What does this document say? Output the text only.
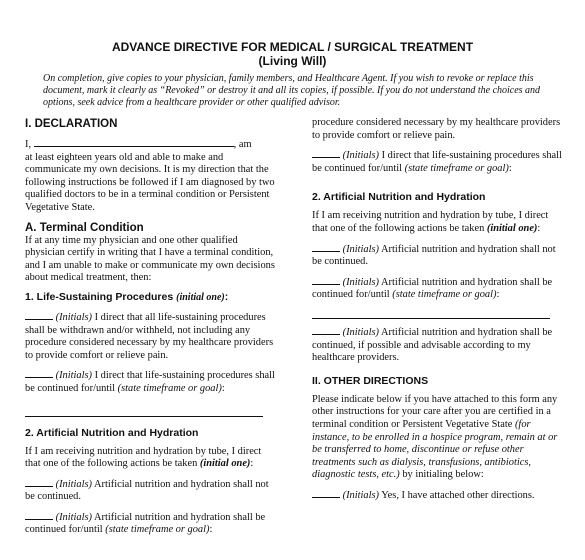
ADVANCE DIRECTIVE FOR MEDICAL / SURGICAL TREATMENT
(Living Will)
On completion, give copies to your physician, family members, and Healthcare Agent. If you wish to revoke or replace this document, mark it clearly as “Revoked” or destroy it and all its copies, if possible. If you do not understand the choices and options, seek advice from a healthcare provider or other qualified advisor.
I. DECLARATION

I,	, am

at least eighteen years old and able to make and communicate my own decisions. It is my direction that the following instructions be followed if I am diagnosed by two qualified doctors to be in a terminal condition or Persistent Vegetative State.

A. Terminal Condition

If at any time my physician and one other qualified physician certify in writing that I have a terminal condition, and I am unable to make or communicate my own decisions about medical treatment, then:

1. Life-Sustaining Procedures (initial one):

(Initials) I direct that all life-sustaining procedures shall be withdrawn and/or withheld, not including any procedure considered necessary by my healthcare providers to provide comfort or relieve pain.

(Initials) I direct that life-sustaining procedures shall be continued for/until (state timeframe or goal):

2. Artificial Nutrition and Hydration

If I am receiving nutrition and hydration by tube, I direct that one of the following actions be taken (initial one):

(Initials) Artificial nutrition and hydration shall not be continued.

(Initials) Artificial nutrition and hydration shall be continued for/until (state timeframe or goal):

procedure considered necessary by my healthcare providers to provide comfort or relieve pain.

(Initials) I direct that life-sustaining procedures shall be continued for/until (state timeframe or goal):

2. Artificial Nutrition and Hydration

If I am receiving nutrition and hydration by tube, I direct that one of the following actions be taken (initial one):

(Initials) Artificial nutrition and hydration shall not be continued.

(Initials) Artificial nutrition and hydration shall be continued for/until (state timeframe or goal):

(Initials) Artificial nutrition and hydration shall be continued, if possible and advisable according to my healthcare providers.

II. OTHER DIRECTIONS

Please indicate below if you have attached to this form any other instructions for your care after you are certified in a terminal condition or Persistent Vegetative State (for instance, to be enrolled in a hospice program, remain at or be transferred to home, discontinue or refuse other treatments such as dialysis, transfusions, antibiotics, diagnostic tests, etc.) by initialing below:

(Initials) Yes, I have attached other directions.
